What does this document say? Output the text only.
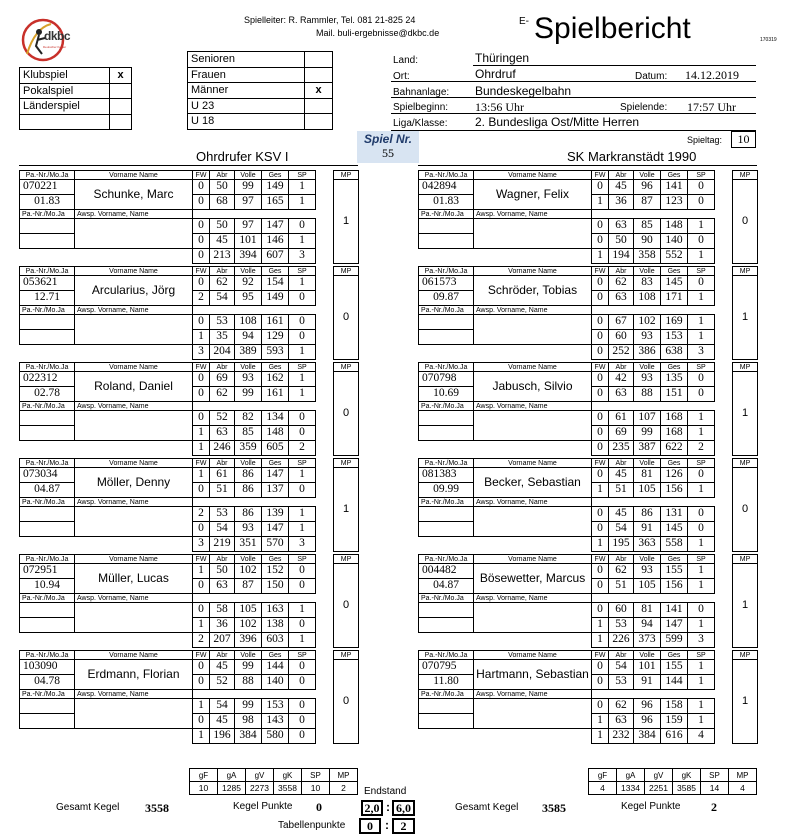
dkbc
Deutscher Kegler
Spielleiter: R. Rammler, Tel. 081 21-825 24
Mail. buli-ergebnisse@dkbc.de
E- Spielbericht	170319
Klubspiel	x
Pokalspiel	
Länderspiel	

Senioren	
Frauen	
Männer	x
U 23	
U 18	
Land:	Thüringen
Ort:	Ohrdruf	Datum: 14.12.2019
Bahnanlage: Bundeskegelbahn
Spielbeginn: 13:56 Uhr	Spielende: 17:57 Uhr
Liga/Klasse: 2. Bundesliga Ost/Mitte Herren
Spiel Nr.
55
Spieltag:	10
Ohrdrufer KSV I	SK Markranstädt 1990
Pa.-Nr./Mo.Ja	Vorname Name	FW	Abr	Volle	Ges	SP		MP
070221	Schunke, Marc	0	50	99	149	1		1
01.83		0	68	97	165	1		
Pa.-Nr./Mo.Ja	Awsp. Vorname, Name							
		0	50	97	147	0		
		0	45	101	146	1		
		0	213	394	607	3		
Pa.-Nr./Mo.Ja	Vorname Name	FW	Abr	Volle	Ges	SP		MP
053621	Arcularius, Jörg	0	62	92	154	1		0
12.71		2	54	95	149	0		
Pa.-Nr./Mo.Ja	Awsp. Vorname, Name							
		0	53	108	161	0		
		1	35	94	129	0		
		3	204	389	593	1		
Pa.-Nr./Mo.Ja	Vorname Name	FW	Abr	Volle	Ges	SP		MP
022312	Roland, Daniel	0	69	93	162	1		0
02.78		0	62	99	161	1		
Pa.-Nr./Mo.Ja	Awsp. Vorname, Name							
		0	52	82	134	0		
		1	63	85	148	0		
		1	246	359	605	2		
Pa.-Nr./Mo.Ja	Vorname Name	FW	Abr	Volle	Ges	SP		MP
073034	Möller, Denny	1	61	86	147	1		1
04.87		0	51	86	137	0		
Pa.-Nr./Mo.Ja	Awsp. Vorname, Name							
		2	53	86	139	1		
		0	54	93	147	1		
		3	219	351	570	3		
Pa.-Nr./Mo.Ja	Vorname Name	FW	Abr	Volle	Ges	SP		MP
072951	Müller, Lucas	1	50	102	152	0		0
10.94		0	63	87	150	0		
Pa.-Nr./Mo.Ja	Awsp. Vorname, Name							
		0	58	105	163	1		
		1	36	102	138	0		
		2	207	396	603	1		
Pa.-Nr./Mo.Ja	Vorname Name	FW	Abr	Volle	Ges	SP		MP
103090	Erdmann, Florian	0	45	99	144	0		0
04.78		0	52	88	140	0		
Pa.-Nr./Mo.Ja	Awsp. Vorname, Name							
		1	54	99	153	0		
		0	45	98	143	0		
		1	196	384	580	0		
Pa.-Nr./Mo.Ja	Vorname Name	FW	Abr	Volle	Ges	SP		MP
042894	Wagner, Felix	0	45	96	141	0		0
01.83		1	36	87	123	0		
Pa.-Nr./Mo.Ja	Awsp. Vorname, Name							
		0	63	85	148	1		
		0	50	90	140	0		
		1	194	358	552	1		
Pa.-Nr./Mo.Ja	Vorname Name	FW	Abr	Volle	Ges	SP		MP
061573	Schröder, Tobias	0	62	83	145	0		1
09.87		0	63	108	171	1		
Pa.-Nr./Mo.Ja	Awsp. Vorname, Name							
		0	67	102	169	1		
		0	60	93	153	1		
		0	252	386	638	3		
Pa.-Nr./Mo.Ja	Vorname Name	FW	Abr	Volle	Ges	SP		MP
070798	Jabusch, Silvio	0	42	93	135	0		1
10.69		0	63	88	151	0		
Pa.-Nr./Mo.Ja	Awsp. Vorname, Name							
		0	61	107	168	1		
		0	69	99	168	1		
		0	235	387	622	2		
Pa.-Nr./Mo.Ja	Vorname Name	FW	Abr	Volle	Ges	SP		MP
081383	Becker, Sebastian	0	45	81	126	0		0
09.99		1	51	105	156	1		
Pa.-Nr./Mo.Ja	Awsp. Vorname, Name							
		0	45	86	131	0		
		0	54	91	145	0		
		1	195	363	558	1		
Pa.-Nr./Mo.Ja	Vorname Name	FW	Abr	Volle	Ges	SP		MP
004482	Bösewetter, Marcus	0	62	93	155	1		1
04.87		0	51	105	156	1		
Pa.-Nr./Mo.Ja	Awsp. Vorname, Name							
		0	60	81	141	0		
		1	53	94	147	1		
		1	226	373	599	3		
Pa.-Nr./Mo.Ja	Vorname Name	FW	Abr	Volle	Ges	SP		MP
070795	Hartmann, Sebastian	0	54	101	155	1		1
11.80		0	53	91	144	1		
Pa.-Nr./Mo.Ja	Awsp. Vorname, Name							
		0	62	96	158	1		
		1	63	96	159	1		
		1	232	384	616	4		
gF	gA	gV	gK	SP	MP
10	1285	2273	3558	10	2
gF	gA	gV	gK	SP	MP
4	1334	2251	3585	14	4
Endstand
Gesamt Kegel 3558	Kegel Punkte 0	2,0 : 6,0	Gesamt Kegel 3585	Kegel Punkte	2
Tabellenpunkte	0	: 2
